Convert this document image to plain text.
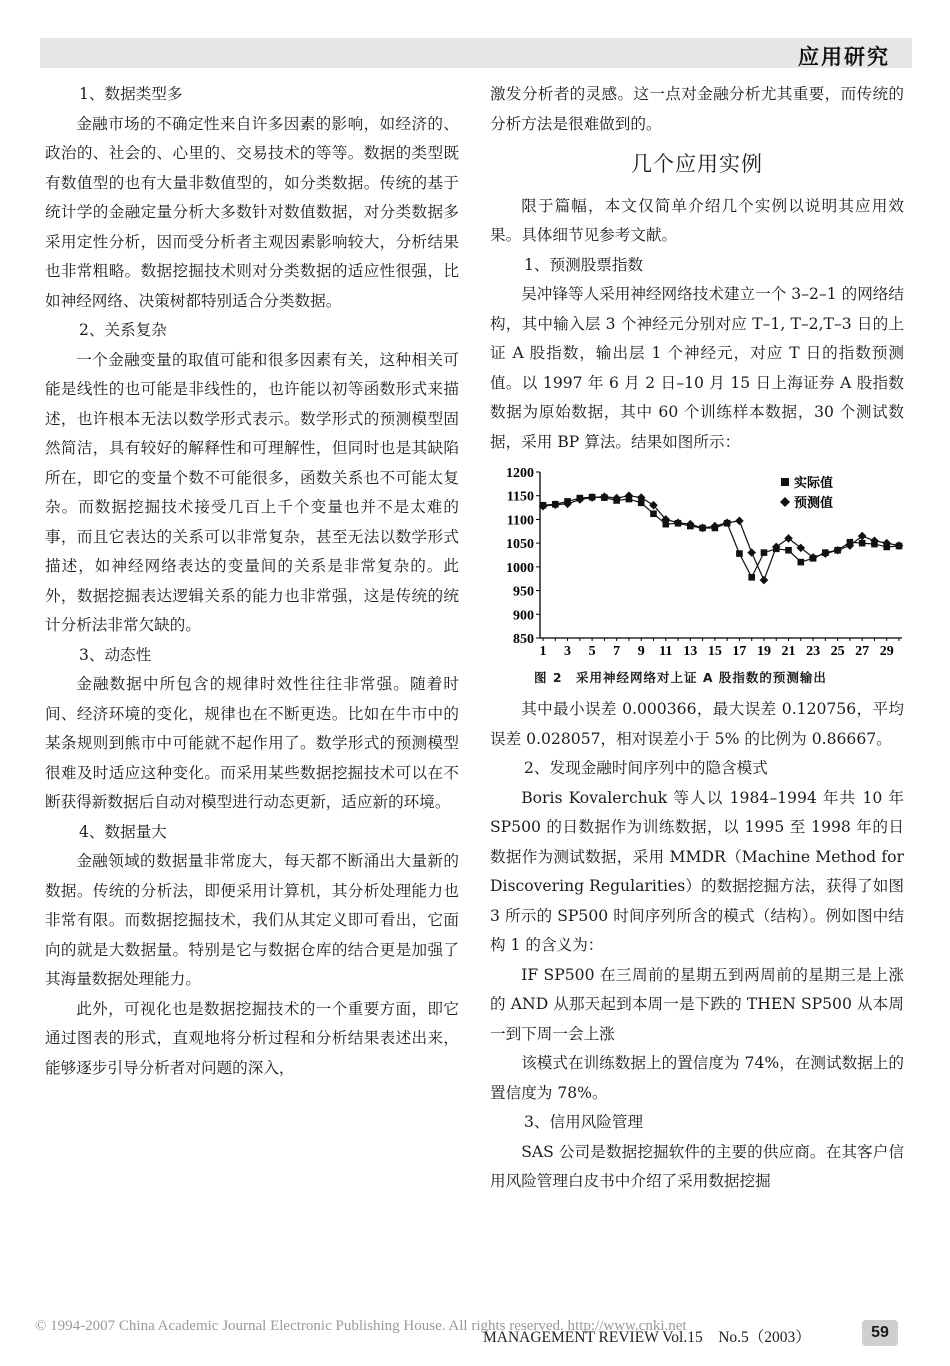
应用研究
1、数据类型多

金融市场的不确定性来自许多因素的影响，如经济的、政治的、社会的、心里的、交易技术的等等。数据的类型既有数值型的也有大量非数值型的，如分类数据。传统的基于统计学的金融定量分析大多数针对数值数据，对分类数据多采用定性分析，因而受分析者主观因素影响较大，分析结果也非常粗略。数据挖掘技术则对分类数据的适应性很强，比如神经网络、决策树都特别适合分类数据。

2、关系复杂

一个金融变量的取值可能和很多因素有关，这种相关可能是线性的也可能是非线性的，也许能以初等函数形式来描述，也许根本无法以数学形式表示。数学形式的预测模型固然简洁，具有较好的解释性和可理解性，但同时也是其缺陷所在，即它的变量个数不可能很多，函数关系也不可能太复杂。而数据挖掘技术接受几百上千个变量也并不是太难的事，而且它表达的关系可以非常复杂，甚至无法以数学形式描述，如神经网络表达的变量间的关系是非常复杂的。此外，数据挖掘表达逻辑关系的能力也非常强，这是传统的统计分析法非常欠缺的。

3、动态性

金融数据中所包含的规律时效性往往非常强。随着时间、经济环境的变化，规律也在不断更迭。比如在牛市中的某条规则到熊市中可能就不起作用了。数学形式的预测模型很难及时适应这种变化。而采用某些数据挖掘技术可以在不断获得新数据后自动对模型进行动态更新，适应新的环境。

4、数据量大

金融领域的数据量非常庞大，每天都不断涌出大量新的数据。传统的分析法，即便采用计算机，其分析处理能力也非常有限。而数据挖掘技术，我们从其定义即可看出，它面向的就是大数据量。特别是它与数据仓库的结合更是加强了其海量数据处理能力。

此外，可视化也是数据挖掘技术的一个重要方面，即它通过图表的形式，直观地将分析过程和分析结果表述出来，能够逐步引导分析者对问题的深入，

激发分析者的灵感。这一点对金融分析尤其重要，而传统的分析方法是很难做到的。

几个应用实例

限于篇幅，本文仅简单介绍几个实例以说明其应用效果。具体细节见参考文献。

1、预测股票指数

吴冲锋等人采用神经网络技术建立一个 3–2–1 的网络结构，其中输入层 3 个神经元分别对应 T–1, T–2,T–3 日的上证 A 股指数，输出层 1 个神经元，对应 T 日的指数预测值。以 1997 年 6 月 2 日–10 月 15 日上海证券 A 股指数数据为原始数据，其中 60 个训练样本数据，30 个测试数据，采用 BP 算法。结果如图所示：

850
900
950
1000
1050
1100
1150
1200
1 3 5 7 9 11 13 15 17 19 21 23 25 27 29
实际值
预测值
图 2　采用神经网络对上证 A 股指数的预测输出

其中最小误差 0.000366，最大误差 0.120756，平均误差 0.028057，相对误差小于 5% 的比例为 0.86667。

2、发现金融时间序列中的隐含模式

Boris Kovalerchuk 等人以 1984–1994 年共 10 年 SP500 的日数据作为训练数据，以 1995 至 1998 年的日数据作为测试数据，采用 MMDR（Machine Method for Discovering Regularities）的数据挖掘方法，获得了如图 3 所示的 SP500 时间序列所含的模式（结构）。例如图中结构 1 的含义为：

IF SP500 在三周前的星期五到两周前的星期三是上涨的 AND 从那天起到本周一是下跌的 THEN SP500 从本周一到下周一会上涨

该模式在训练数据上的置信度为 74%，在测试数据上的置信度为 78%。

3、信用风险管理

SAS 公司是数据挖掘软件的主要的供应商。在其客户信用风险管理白皮书中介绍了采用数据挖掘

© 1994-2007 China Academic Journal Electronic Publishing House. All rights reserved. http://www.cnki.net
MANAGEMENT REVIEW Vol.15　No.5（2003）	59
